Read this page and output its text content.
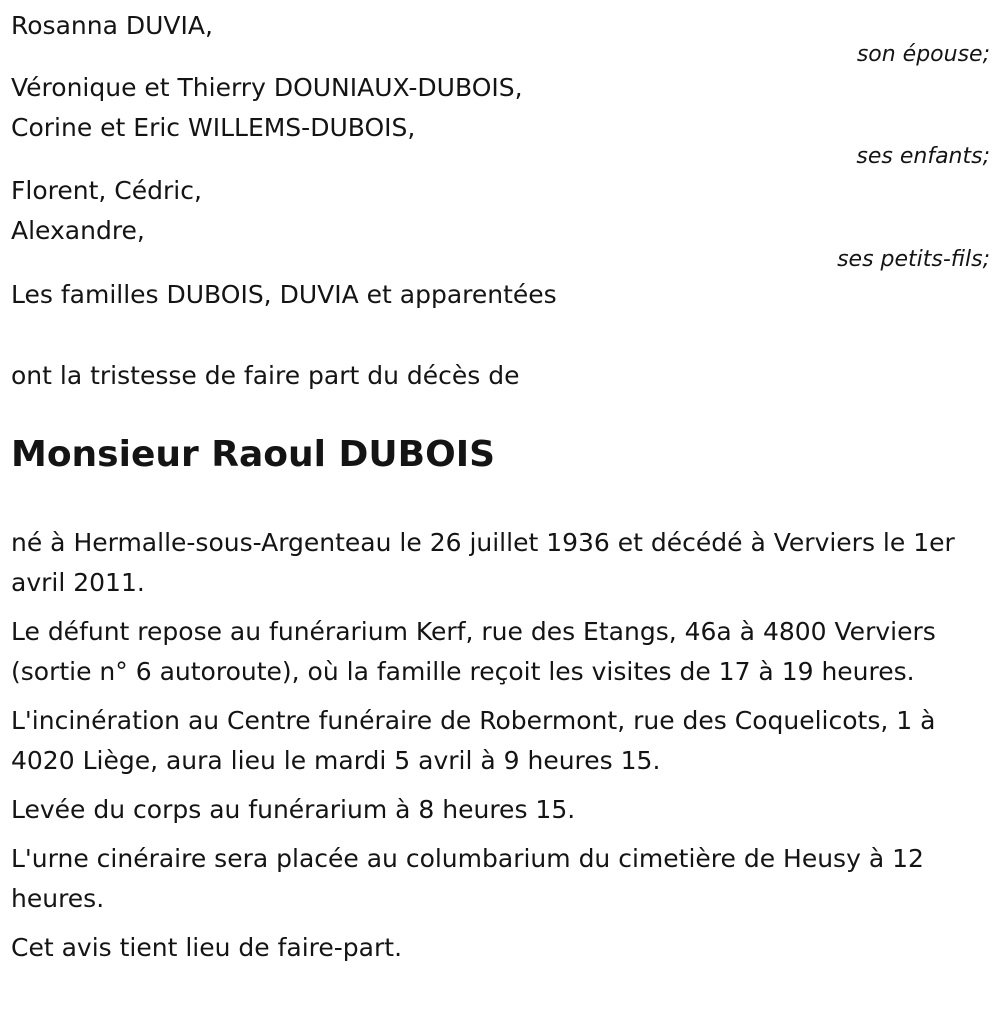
Rosanna DUVIA,
son épouse;
Véronique et Thierry DOUNIAUX-DUBOIS,
Corine et Eric WILLEMS-DUBOIS,
ses enfants;
Florent, Cédric,
Alexandre,
ses petits-fils;
Les familles DUBOIS, DUVIA et apparentées
ont la tristesse de faire part du décès de
Monsieur Raoul DUBOIS

né à Hermalle-sous-Argenteau le 26 juillet 1936 et décédé à Verviers le 1er avril 2011.

Le défunt repose au funérarium Kerf, rue des Etangs, 46a à 4800 Verviers (sortie n° 6 autoroute), où la famille reçoit les visites de 17 à 19 heures.

L'incinération au Centre funéraire de Robermont, rue des Coquelicots, 1 à 4020 Liège, aura lieu le mardi 5 avril à 9 heures 15.

Levée du corps au funérarium à 8 heures 15.

L'urne cinéraire sera placée au columbarium du cimetière de Heusy à 12 heures.

Cet avis tient lieu de faire-part.
